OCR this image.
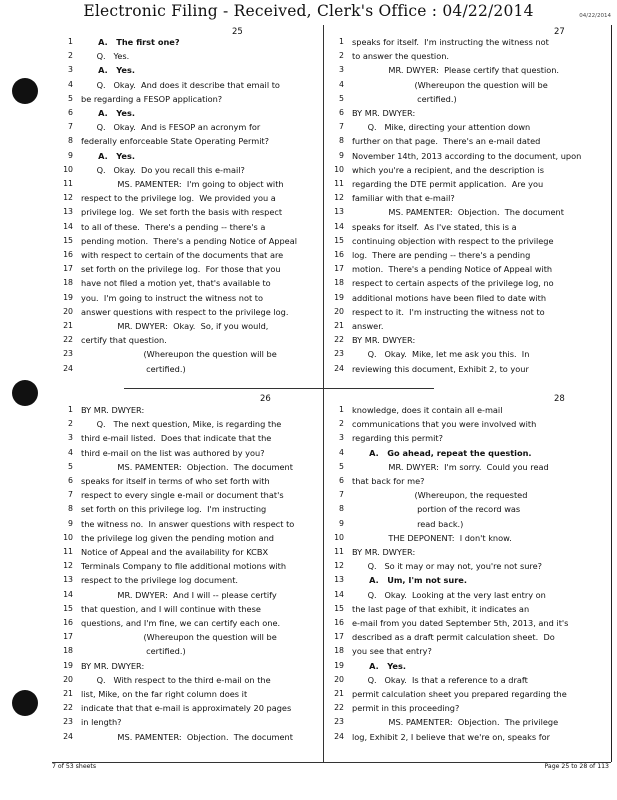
Electronic Filing - Received, Clerk's Office : 04/22/2014	04/22/2014
25
1 A.   The first one?
2 Q.   Yes.
3 A.   Yes.
4 Q.   Okay.  And does it describe that email to
5 be regarding a FESOP application?
6 A.   Yes.
7 Q.   Okay.  And is FESOP an acronym for
8 federally enforceable State Operating Permit?
9 A.   Yes.
10 Q.   Okay.  Do you recall this e-mail?
11 MS. PAMENTER:  I'm going to object with
12 respect to the privilege log.  We provided you a
13 privilege log.  We set forth the basis with respect
14 to all of these.  There's a pending -- there's a
15 pending motion.  There's a pending Notice of Appeal
16 with respect to certain of the documents that are
17 set forth on the privilege log.  For those that you
18 have not filed a motion yet, that's available to
19 you.  I'm going to instruct the witness not to
20 answer questions with respect to the privilege log.
21 MR. DWYER:  Okay.  So, if you would,
22 certify that question.
23 (Whereupon the question will be
24 certified.)
27
1 speaks for itself.  I'm instructing the witness not
2 to answer the question.
3 MR. DWYER:  Please certify that question.
4 (Whereupon the question will be
5 certified.)
6 BY MR. DWYER:
7 Q.   Mike, directing your attention down
8 further on that page.  There's an e-mail dated
9 November 14th, 2013 according to the document, upon
10 which you're a recipient, and the description is
11 regarding the DTE permit application.  Are you
12 familiar with that e-mail?
13 MS. PAMENTER:  Objection.  The document
14 speaks for itself.  As I've stated, this is a
15 continuing objection with respect to the privilege
16 log.  There are pending -- there's a pending
17 motion.  There's a pending Notice of Appeal with
18 respect to certain aspects of the privilege log, no
19 additional motions have been filed to date with
20 respect to it.  I'm instructing the witness not to
21 answer.
22 BY MR. DWYER:
23 Q.   Okay.  Mike, let me ask you this.  In
24 reviewing this document, Exhibit 2, to your
26
1 BY MR. DWYER:
2 Q.   The next question, Mike, is regarding the
3 third e-mail listed.  Does that indicate that the
4 third e-mail on the list was authored by you?
5 MS. PAMENTER:  Objection.  The document
6 speaks for itself in terms of who set forth with
7 respect to every single e-mail or document that's
8 set forth on this privilege log.  I'm instructing
9 the witness no.  In answer questions with respect to
10 the privilege log given the pending motion and
11 Notice of Appeal and the availability for KCBX
12 Terminals Company to file additional motions with
13 respect to the privilege log document.
14 MR. DWYER:  And I will -- please certify
15 that question, and I will continue with these
16 questions, and I'm fine, we can certify each one.
17 (Whereupon the question will be
18 certified.)
19 BY MR. DWYER:
20 Q.   With respect to the third e-mail on the
21 list, Mike, on the far right column does it
22 indicate that that e-mail is approximately 20 pages
23 in length?
24 MS. PAMENTER:  Objection.  The document
28
1 knowledge, does it contain all e-mail
2 communications that you were involved with
3 regarding this permit?
4 A.   Go ahead, repeat the question.
5 MR. DWYER:  I'm sorry.  Could you read
6 that back for me?
7 (Whereupon, the requested
8 portion of the record was
9 read back.)
10 THE DEPONENT:  I don't know.
11 BY MR. DWYER:
12 Q.   So it may or may not, you're not sure?
13 A.   Um, I'm not sure.
14 Q.   Okay.  Looking at the very last entry on
15 the last page of that exhibit, it indicates an
16 e-mail from you dated September 5th, 2013, and it's
17 described as a draft permit calculation sheet.  Do
18 you see that entry?
19 A.   Yes.
20 Q.   Okay.  Is that a reference to a draft
21 permit calculation sheet you prepared regarding the
22 permit in this proceeding?
23 MS. PAMENTER:  Objection.  The privilege
24 log, Exhibit 2, I believe that we're on, speaks for
7 of 53 sheets	Page 25 to 28 of 113
